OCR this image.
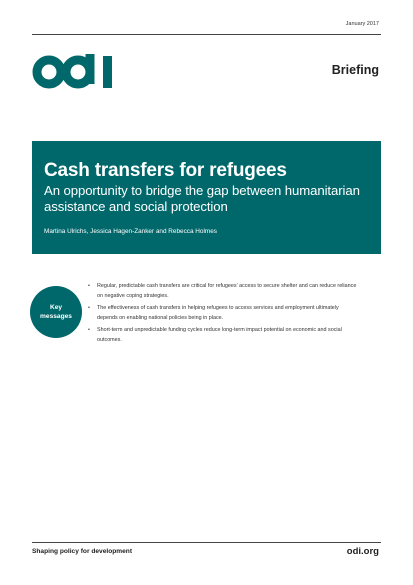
January 2017
Briefing
Cash transfers for refugees
An opportunity to bridge the gap between humanitarian assistance and social protection
Martina Ulrichs, Jessica Hagen-Zanker and Rebecca Holmes
Key
messages
• Regular, predictable cash transfers are critical for refugees' access to secure shelter and can reduce reliance on negative coping strategies.
• The effectiveness of cash transfers in helping refugees to access services and employment ultimately depends on enabling national policies being in place.
• Short-term and unpredictable funding cycles reduce long-term impact potential on economic and social outcomes.
Shaping policy for development	odi.org
